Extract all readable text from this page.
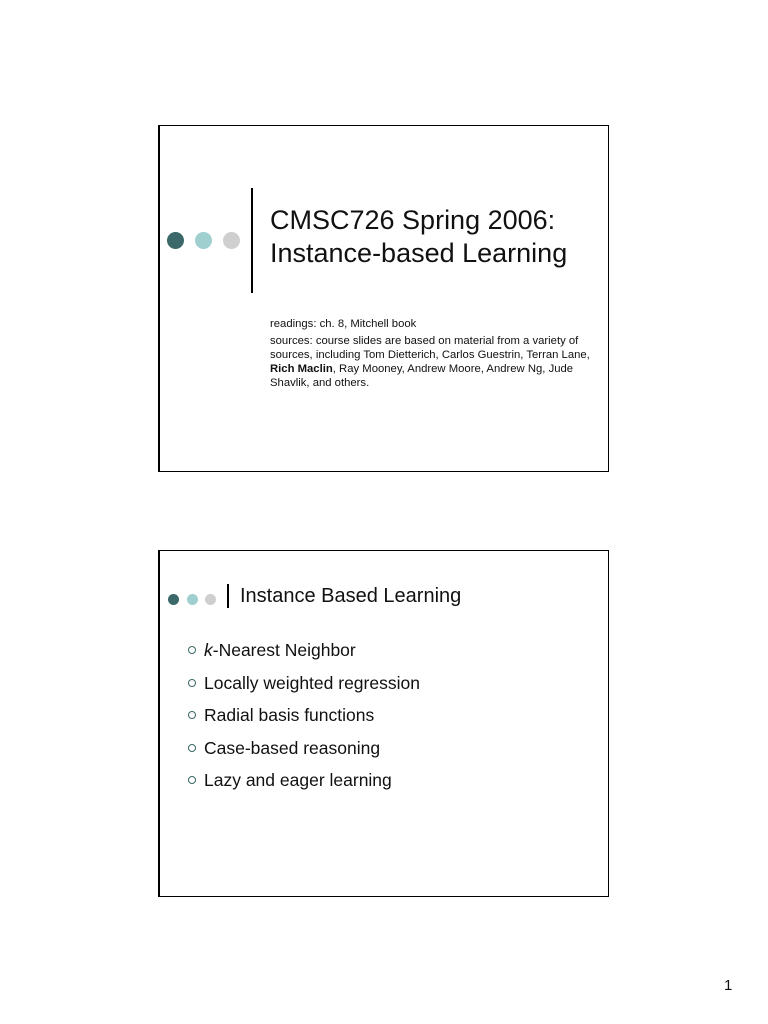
CMSC726 Spring 2006:
Instance-based Learning
readings: ch. 8, Mitchell book
sources: course slides are based on material from a variety of sources, including Tom Dietterich, Carlos Guestrin, Terran Lane, Rich Maclin, Ray Mooney, Andrew Moore, Andrew Ng, Jude Shavlik, and others.
Instance Based Learning
k-Nearest Neighbor
Locally weighted regression
Radial basis functions
Case-based reasoning
Lazy and eager learning
1
